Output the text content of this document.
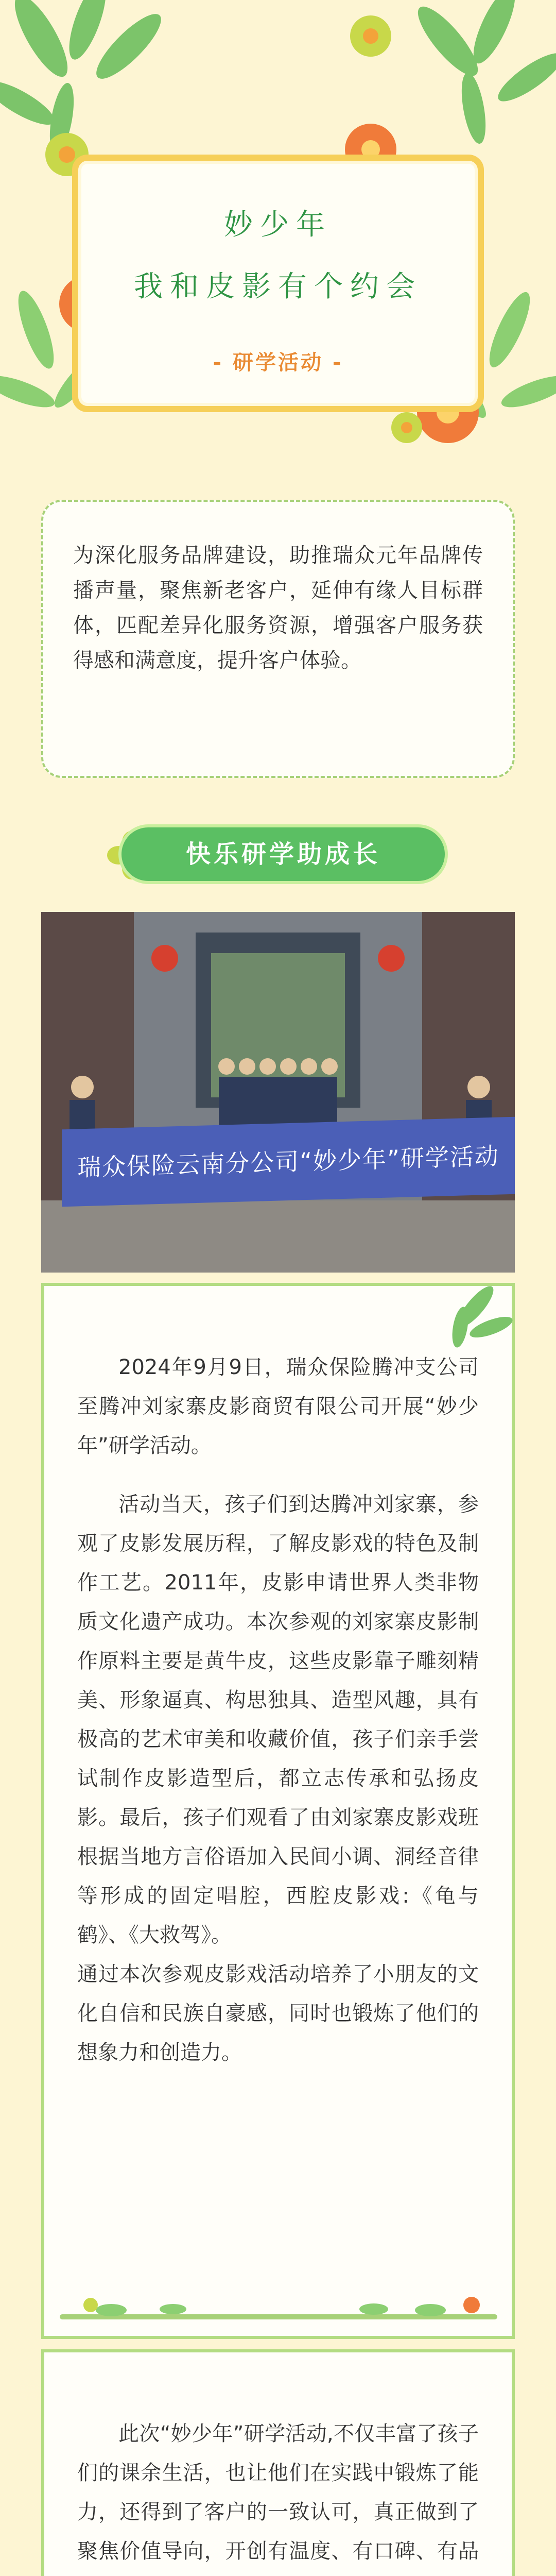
妙少年
我和皮影有个约会
- 研学活动 -
为深化服务品牌建设，助推瑞众元年品牌传播声量，聚焦新老客户，延伸有缘人目标群体，匹配差异化服务资源，增强客户服务获得感和满意度，提升客户体验。
快乐研学助成长
瑞众保险云南分公司“妙少年”研学活动

2024年9月9日，瑞众保险腾冲支公司至腾冲刘家寨皮影商贸有限公司开展“妙少年”研学活动。

活动当天，孩子们到达腾冲刘家寨，参观了皮影发展历程，了解皮影戏的特色及制作工艺。2011年，皮影申请世界人类非物质文化遗产成功。本次参观的刘家寨皮影制作原料主要是黄牛皮，这些皮影靠子雕刻精美、形象逼真、构思独具、造型风趣，具有极高的艺术审美和收藏价值，孩子们亲手尝试制作皮影造型后，都立志传承和弘扬皮影。最后，孩子们观看了由刘家寨皮影戏班根据当地方言俗语加入民间小调、洞经音律等形成的固定唱腔，西腔皮影戏:《龟与鹤》、《大救驾》。

通过本次参观皮影戏活动培养了小朋友的文化自信和民族自豪感，同时也锻炼了他们的想象力和创造力。

此次“妙少年”研学活动,不仅丰富了孩子们的课余生活，也让他们在实践中锻炼了能力，还得到了客户的一致认可，真正做到了聚焦价值导向，开创有温度、有口碑、有品
